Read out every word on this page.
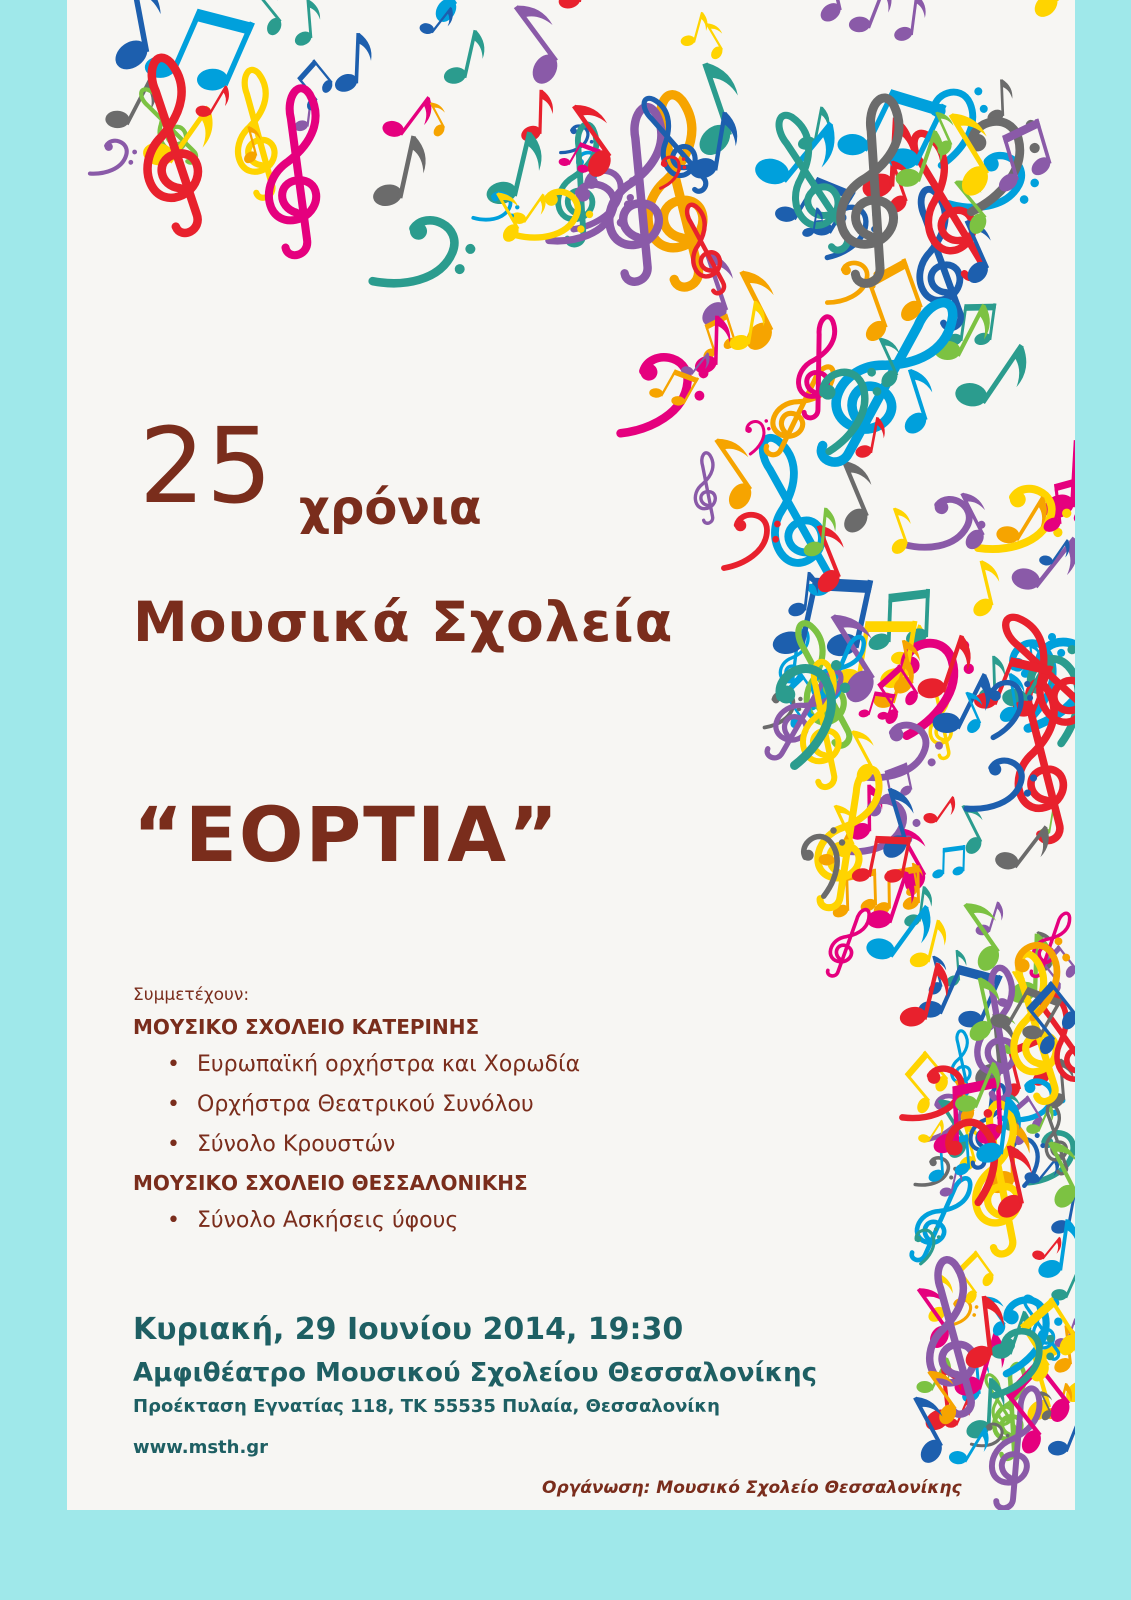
25 χρόνια
Μουσικά Σχολεία
“ΕΟΡΤΙΑ”
Συμμετέχουν:
ΜΟΥΣΙΚΟ ΣΧΟΛΕΙΟ ΚΑΤΕΡΙΝΗΣ
• Ευρωπαϊκή ορχήστρα και Χορωδία
• Ορχήστρα Θεατρικού Συνόλου
• Σύνολο Κρουστών
ΜΟΥΣΙΚΟ ΣΧΟΛΕΙΟ ΘΕΣΣΑΛΟΝΙΚΗΣ
• Σύνολο Ασκήσεις ύφους
Κυριακή, 29 Ιουνίου 2014, 19:30
Αμφιθέατρο Μουσικού Σχολείου Θεσσαλονίκης
Προέκταση Εγνατίας 118, ΤΚ 55535 Πυλαία, Θεσσαλονίκη
www.msth.gr
Οργάνωση: Μουσικό Σχολείο Θεσσαλονίκης
